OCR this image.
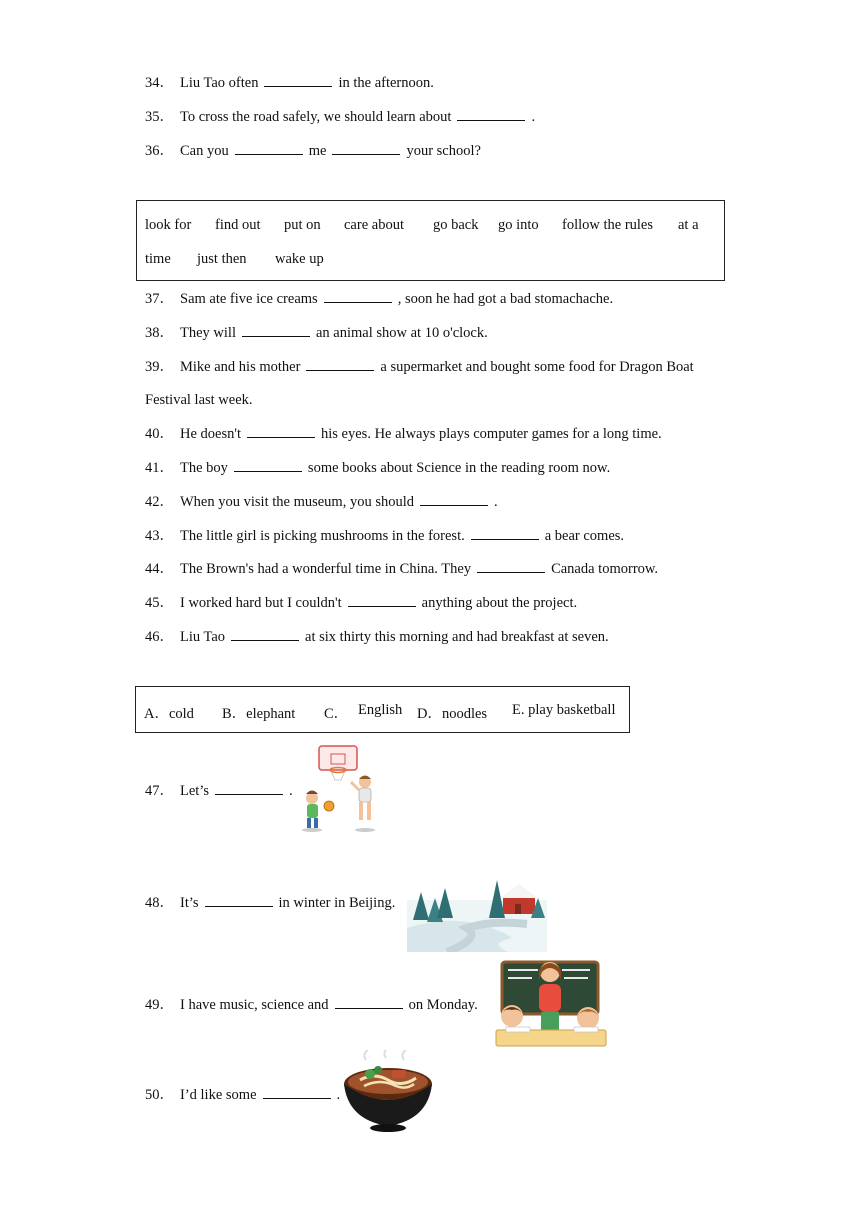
34． Liu Tao often	in the afternoon.
35． To cross the road safely, we should learn about	.
36． Can you	me	your school?
look for find out put on care about go back go into follow the rules at a
time just then wake up
37． Sam ate five ice creams	, soon he had got a bad stomachache.
38． They will	an animal show at 10 o'clock.
39． Mike and his mother	a supermarket and bought some food for Dragon Boat
Festival last week.
40． He doesn't	his eyes. He always plays computer games for a long time.
41． The boy	some books about Science in the reading room now.
42． When you visit the museum, you should	.
43． The little girl is picking mushrooms in the forest.	a bear comes.
44． The Brown's had a wonderful time in China. They	Canada tomorrow.
45． I worked hard but I couldn't	anything about the project.
46． Liu Tao	at six thirty this morning and had breakfast at seven.
A．cold B．elephant C． English D．noodles E. play basketball
47． Let’s	.
48． It’s	in winter in Beijing.
49． I have music, science and	on Monday.
50． I’d like some	.
